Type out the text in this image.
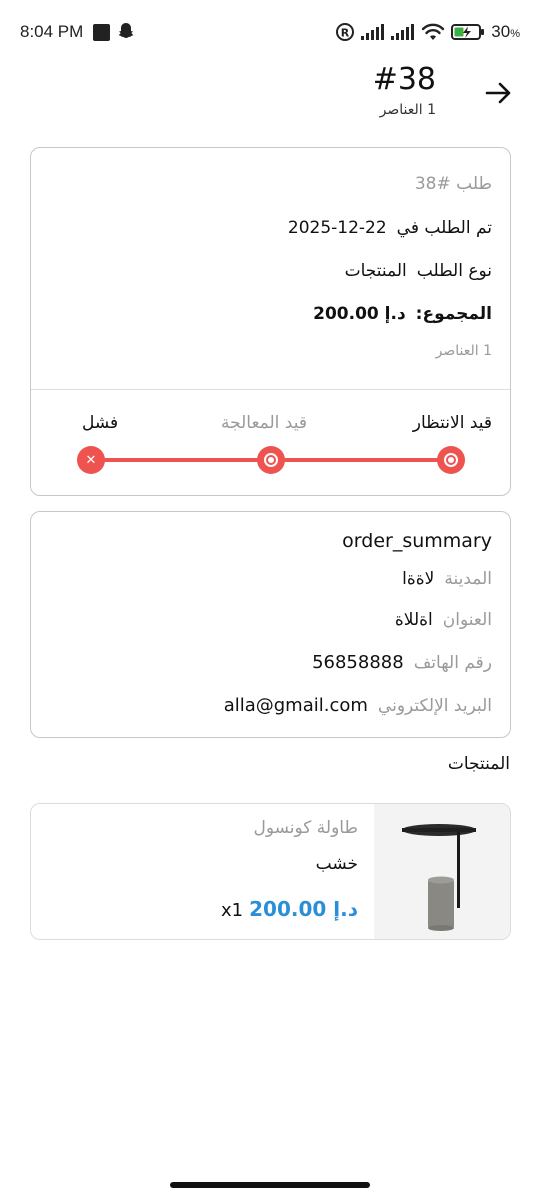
8:04 PM	R	30%
#38
1 العناصر
طلب #38
تم الطلب في
2025-12-22
نوع الطلب
المنتجات
المجموع:
د.إ 200.00
1 العناصر
قيد الانتظار
قيد المعالجة
فشل
✕
order_summary
المدينة
لاةةا
العنوان
اةللاة
رقم الهاتف
56858888
البريد الإلكتروني
alla@gmail.com
المنتجات
طاولة كونسول
خشب
د.إ 200.00
x1
